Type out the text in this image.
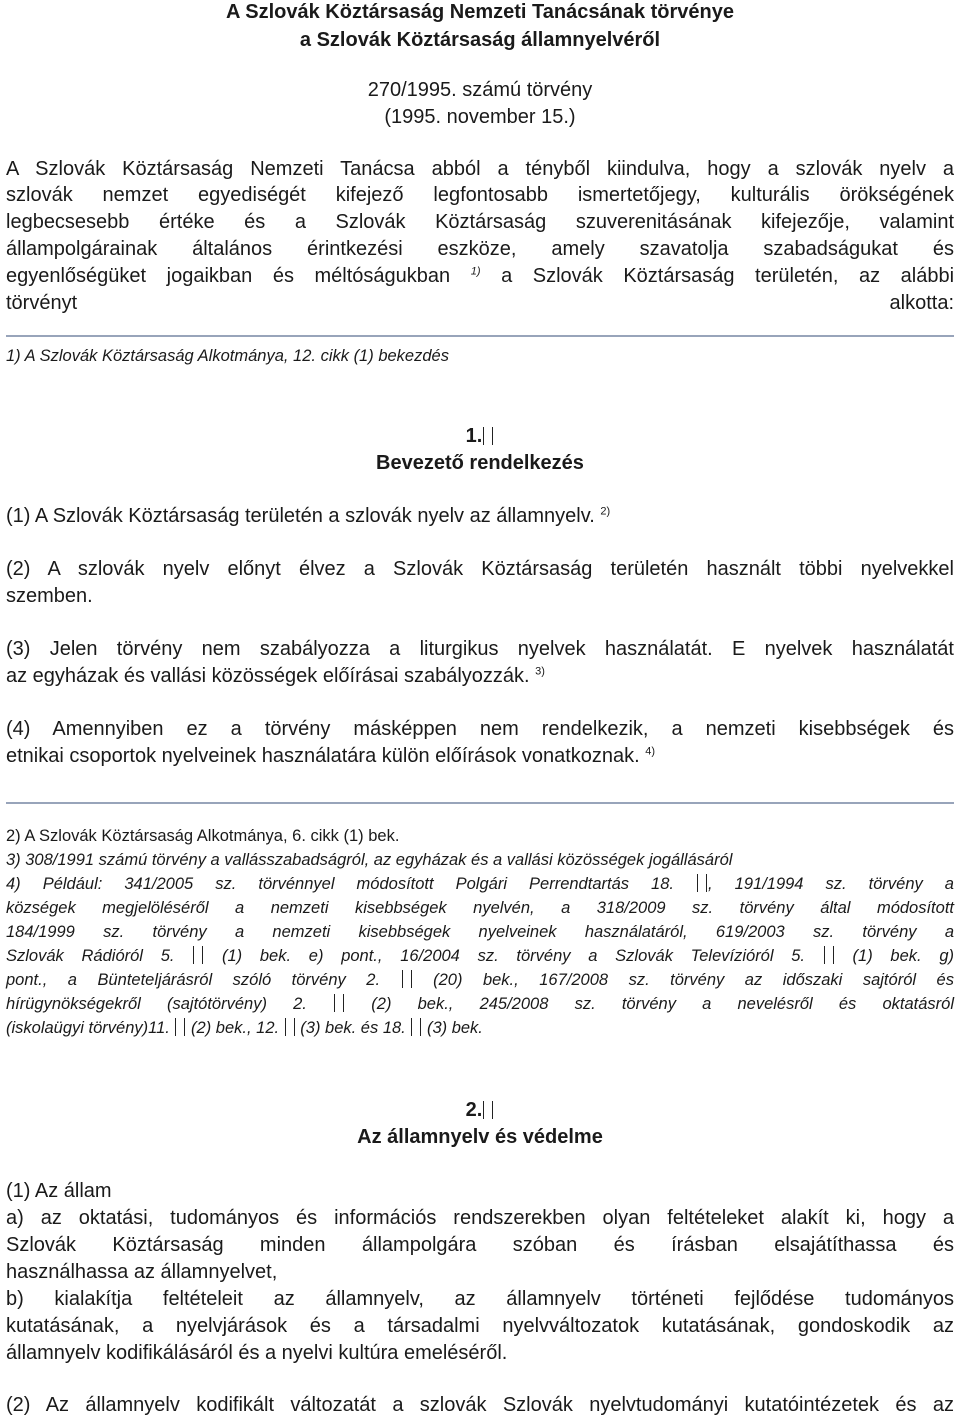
A Szlovák Köztársaság Nemzeti Tanácsának törvénye
a Szlovák Köztársaság államnyelvéről
270/1995. számú törvény
(1995. november 15.)
A Szlovák Köztársaság Nemzeti Tanácsa abból a tényből kiindulva, hogy a szlovák nyelv a
szlovák nemzet egyediségét kifejező legfontosabb ismertetőjegy, kulturális örökségének
legbecsesebb értéke és a Szlovák Köztársaság szuverenitásának kifejezője, valamint
állampolgárainak általános érintkezési eszköze, amely szavatolja szabadságukat és
egyenlőségüket jogaikban és méltóságukban $^{1)}$ a Szlovák Köztársaság területén, az alábbi
törvényt	alkotta:
1) A Szlovák Köztársaság Alkotmánya, 12. cikk (1) bekezdés
1.
Bevezető rendelkezés
(1) A Szlovák Köztársaság területén a szlovák nyelv az államnyelv. $^{2)}$
(2) A szlovák nyelv előnyt élvez a Szlovák Köztársaság területén használt többi nyelvekkel
szemben.
(3) Jelen törvény nem szabályozza a liturgikus nyelvek használatát. E nyelvek használatát
az egyházak és vallási közösségek előírásai szabályozzák. $^{3)}$
(4) Amennyiben ez a törvény másképpen nem rendelkezik, a nemzeti kisebbségek és
etnikai csoportok nyelveinek használatára külön előírások vonatkoznak. $^{4)}$
2) A Szlovák Köztársaság Alkotmánya, 6. cikk (1) bek.
3) 308/1991 számú törvény a vallásszabadságról, az egyházak és a vallási közösségek jogállásáról
4) Például: 341/2005 sz. törvénnyel módosított Polgári Perrendtartás 18. , 191/1994 sz. törvény a
községek megjelöléséről a nemzeti kisebbségek nyelvén, a 318/2009 sz. törvény által módosított
184/1999 sz. törvény a nemzeti kisebbségek nyelveinek használatáról, 619/2003 sz. törvény a
Szlovák Rádióról 5.	(1) bek. e) pont., 16/2004 sz. törvény a Szlovák Televízióról 5.	(1) bek. g)
pont., a Bünteteljárásról szóló törvény 2.	(20) bek., 167/2008 sz. törvény az időszaki sajtóról és
hírügynökségekről (sajtótörvény) 2.	(2) bek., 245/2008 sz. törvény a nevelésről és oktatásról
(iskolaügyi törvény)11. (2) bek., 12. (3) bek. és 18. (3) bek.
2.
Az államnyelv és védelme
(1) Az állam
a) az oktatási, tudományos és információs rendszerekben olyan feltételeket alakít ki, hogy a
Szlovák Köztársaság minden állampolgára szóban és írásban elsajátíthassa és
használhassa az államnyelvet,
b) kialakítja feltételeit az államnyelv, az államnyelv történeti fejlődése tudományos
kutatásának, a nyelvjárások és a társadalmi nyelvváltozatok kutatásának, gondoskodik az
államnyelv kodifikálásáról és a nyelvi kultúra emeléséről.
(2) Az államnyelv kodifikált változatát a szlovák Szlovák nyelvtudományi kutatóintézetek és az
